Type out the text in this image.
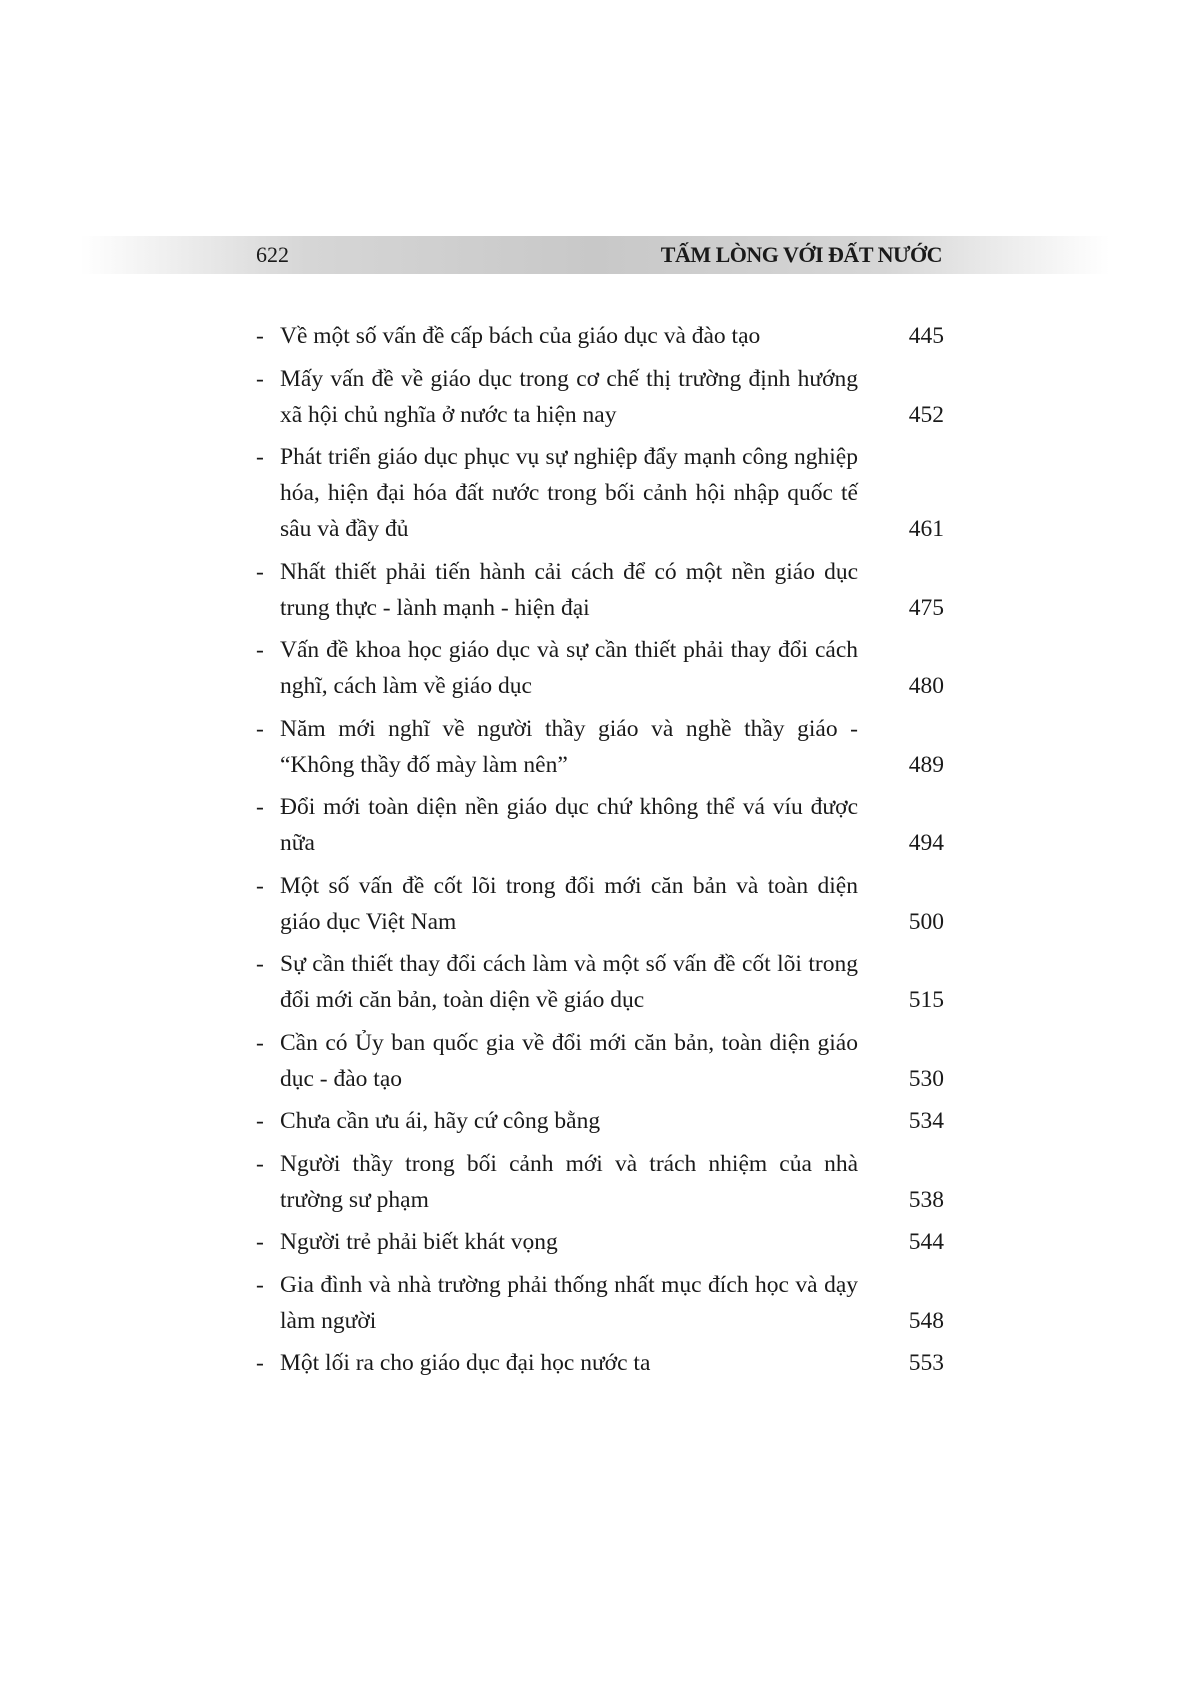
622	TẤM LÒNG VỚI ĐẤT NƯỚC
- Về một số vấn đề cấp bách của giáo dục và đào tạo	445
- Mấy vấn đề về giáo dục trong cơ chế thị trường định hướng xã hội chủ nghĩa ở nước ta hiện nay	452
- Phát triển giáo dục phục vụ sự nghiệp đẩy mạnh công nghiệp hóa, hiện đại hóa đất nước trong bối cảnh hội nhập quốc tế sâu và đầy đủ	461
- Nhất thiết phải tiến hành cải cách để có một nền giáo dục trung thực - lành mạnh - hiện đại	475
- Vấn đề khoa học giáo dục và sự cần thiết phải thay đổi cách nghĩ, cách làm về giáo dục	480
- Năm mới nghĩ về người thầy giáo và nghề thầy giáo - “Không thầy đố mày làm nên”	489
- Đổi mới toàn diện nền giáo dục chứ không thể vá víu được nữa	494
- Một số vấn đề cốt lõi trong đổi mới căn bản và toàn diện giáo dục Việt Nam	500
- Sự cần thiết thay đổi cách làm và một số vấn đề cốt lõi trong đổi mới căn bản, toàn diện về giáo dục	515
- Cần có Ủy ban quốc gia về đổi mới căn bản, toàn diện giáo dục - đào tạo	530
- Chưa cần ưu ái, hãy cứ công bằng	534
- Người thầy trong bối cảnh mới và trách nhiệm của nhà trường sư phạm	538
- Người trẻ phải biết khát vọng	544
- Gia đình và nhà trường phải thống nhất mục đích học và dạy làm người	548
- Một lối ra cho giáo dục đại học nước ta	553
